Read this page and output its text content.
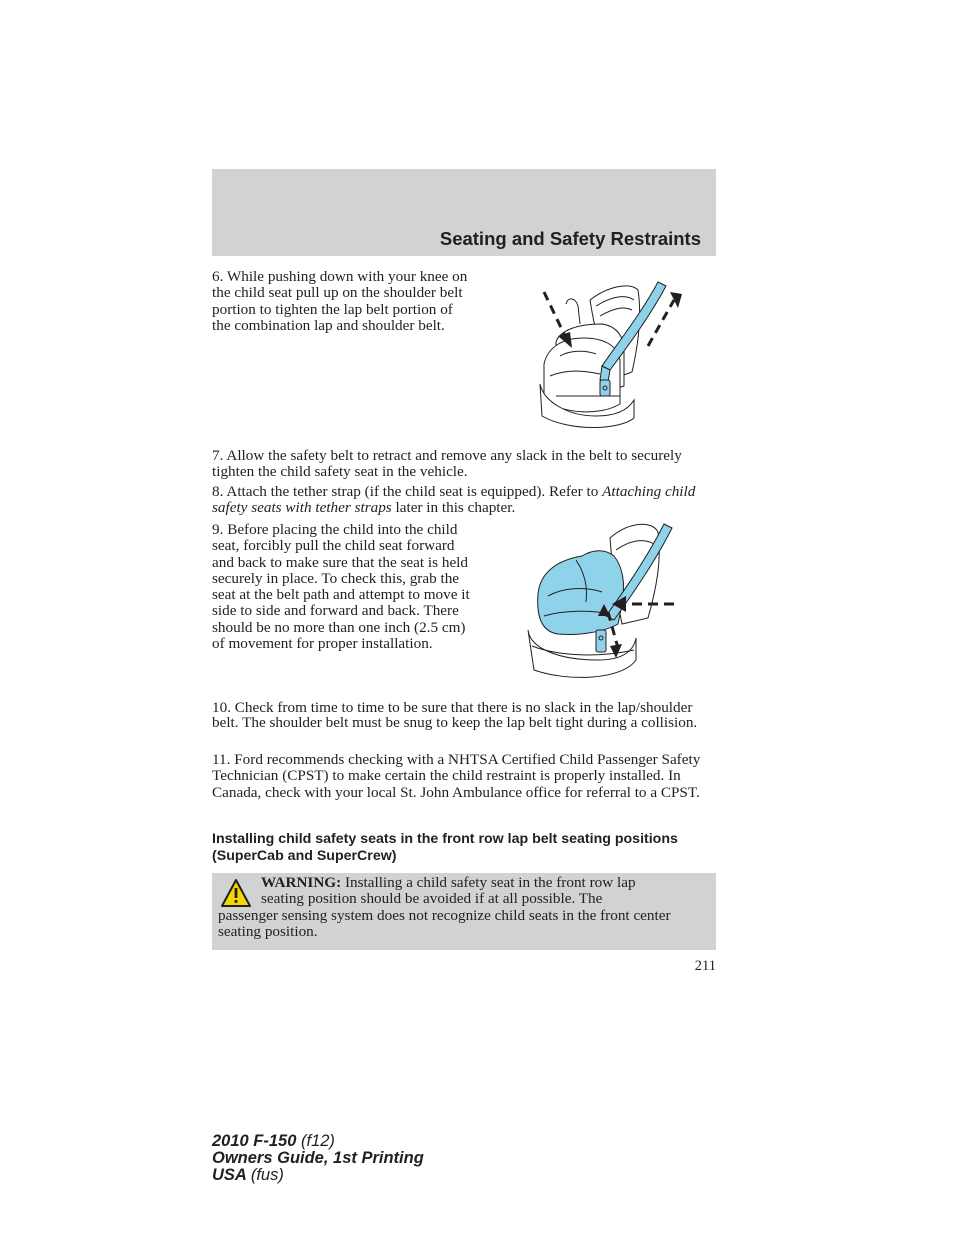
Seating and Safety Restraints

6. While pushing down with your knee on the child seat pull up on the shoulder belt portion to tighten the lap belt portion of the combination lap and shoulder belt.

7. Allow the safety belt to retract and remove any slack in the belt to securely tighten the child safety seat in the vehicle.

8. Attach the tether strap (if the child seat is equipped). Refer to Attaching child safety seats with tether straps later in this chapter.

9. Before placing the child into the child seat, forcibly pull the child seat forward and back to make sure that the seat is held securely in place. To check this, grab the seat at the belt path and attempt to move it side to side and forward and back. There should be no more than one inch (2.5 cm) of movement for proper installation.

10. Check from time to time to be sure that there is no slack in the lap/shoulder belt. The shoulder belt must be snug to keep the lap belt tight during a collision.

11. Ford recommends checking with a NHTSA Certified Child Passenger Safety Technician (CPST) to make certain the child restraint is properly installed. In Canada, check with your local St. John Ambulance office for referral to a CPST.

Installing child safety seats in the front row lap belt seating positions (SuperCab and SuperCrew)

WARNING: Installing a child safety seat in the front row lap
seating position should be avoided if at all possible. The
passenger sensing system does not recognize child seats in the front center seating position.

211
2010 F-150 (f12)
Owners Guide, 1st Printing
USA (fus)
